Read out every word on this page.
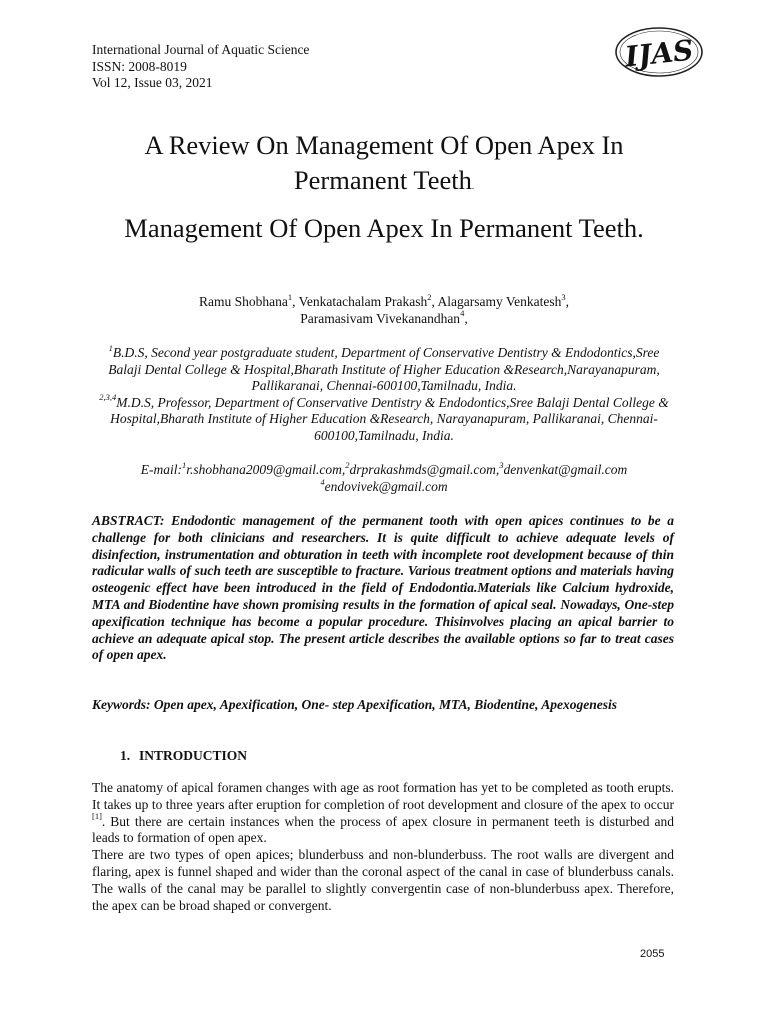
International Journal of Aquatic Science
ISSN: 2008-8019
Vol 12, Issue 03, 2021
IJAS
A Review On Management Of Open Apex In Permanent Teeth.
Management Of Open Apex In Permanent Teeth.
Ramu Shobhana$^1$, Venkatachalam Prakash$^2$, Alagarsamy Venkatesh$^3$,
Paramasivam Vivekanandhan$^4$,
$^1$B.D.S, Second year postgraduate student, Department of Conservative Dentistry & Endodontics,Sree Balaji Dental College & Hospital,Bharath Institute of Higher Education &Research,Narayanapuram, Pallikaranai, Chennai-600100,Tamilnadu, India.
$^{2,3,4}$M.D.S, Professor, Department of Conservative Dentistry & Endodontics,Sree Balaji Dental College & Hospital,Bharath Institute of Higher Education &Research, Narayanapuram, Pallikaranai, Chennai-600100,Tamilnadu, India.
E-mail:$^1$r.shobhana2009@gmail.com,$^2$drprakashmds@gmail.com,$^3$denvenkat@gmail.com
$^4$endovivek@gmail.com
ABSTRACT: Endodontic management of the permanent tooth with open apices continues to be a challenge for both clinicians and researchers. It is quite difficult to achieve adequate levels of disinfection, instrumentation and obturation in teeth with incomplete root development because of thin radicular walls of such teeth are susceptible to fracture. Various treatment options and materials having osteogenic effect have been introduced in the field of Endodontia.Materials like Calcium hydroxide, MTA and Biodentine have shown promising results in the formation of apical seal. Nowadays, One-step apexification technique has become a popular procedure. Thisinvolves placing an apical barrier to achieve an adequate apical stop. The present article describes the available options so far to treat cases of open apex.
Keywords: Open apex, Apexification, One- step Apexification, MTA, Biodentine, Apexogenesis
1. INTRODUCTION

The anatomy of apical foramen changes with age as root formation has yet to be completed as tooth erupts. It takes up to three years after eruption for completion of root development and closure of the apex to occur [1]. But there are certain instances when the process of apex closure in permanent teeth is disturbed and leads to formation of open apex.

There are two types of open apices; blunderbuss and non-blunderbuss. The root walls are divergent and flaring, apex is funnel shaped and wider than the coronal aspect of the canal in case of blunderbuss canals. The walls of the canal may be parallel to slightly convergentin case of non-blunderbuss apex. Therefore, the apex can be broad shaped or convergent.

2055
